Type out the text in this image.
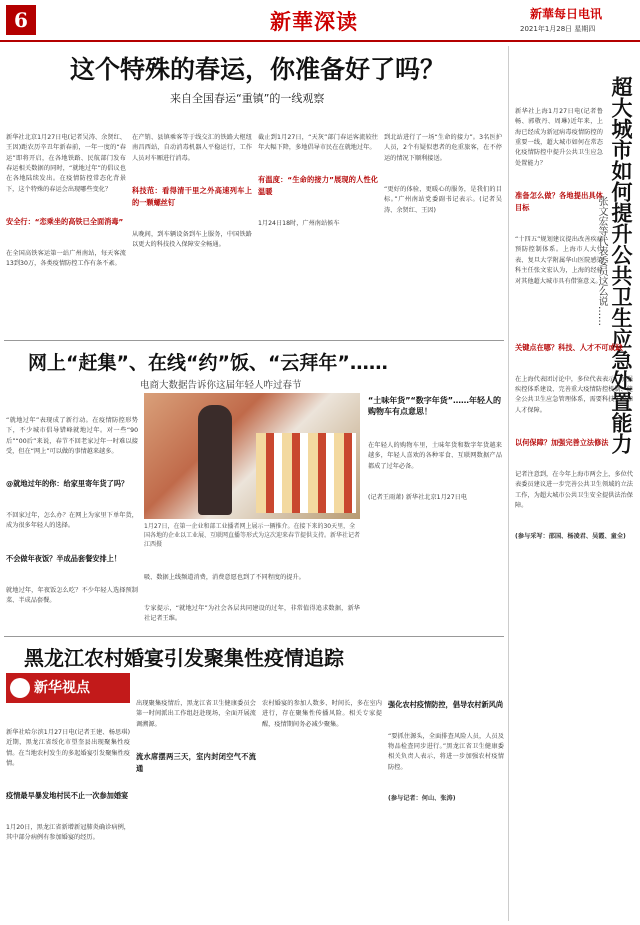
6	新華深读	新華每日电讯
2021年1月28日 星期四
这个特殊的春运，你准备好了吗？
来自全国春运“重镇”的一线观察

新华社北京1月27日电(记者吴涛、余贤红、王因)距农历辛丑年新春前，一年一度的“春运”即将开启，在各地铁路、民航部门发布春运相关数据的同时，“就地过年”的倡议也在各地陆续发出。在疫情防控常态化背景下，这个特殊的春运会出现哪些变化？

安全行：“恋乘坐的高铁已全面消毒”

在全国高铁客运第一站广州南站，每天客流13到30万，各类疫情防控工作有条不紊。

在产销、县镇乘客等于线交汇的铁路大枢纽南昌西站，自动消毒机器人平稳运行，工作人员对车厢进行消毒。

科技范：看得清干里之外高速列车上的一颗螺丝钉

从晚间，到车辆设备到车上服务，中国铁路以更大的科技投入保障安全畅通。

截止到1月27日，“天灰”部门春运客流较往年大幅下降，多地倡导市民在在就地过年。

有温度：“生命的接力”展现的人性化温暖

1月24日18时，广州南站候车

到北站进行了一场“生命的接力”。3名医护人员，2个有疑似患者的危重旅客，在不停运的情况下顺利接送。

“更好的体验，更暖心的服务，是我们的目标。”广州南站党委副书记表示。(记者吴涛、余贤红、王因)

新华社上海1月27日电(记者鲁畅、郭敬丹、周琳)近年来，上海已经成为新冠病毒疫情防控的重要一线，超大城市如何在常态化疫情防控中提升公共卫生应急处置能力？

准备怎么做？各地提出具体目标

“十四五”规划建议提出改善疾病预防控制体系。上海市人大代表、复旦大学附属华山医院感染科主任张文宏认为，上海的经验对其他超大城市具有借鉴意义。

超大城市如何提升公共卫生应急处置能力
张文宏等代表委员这么说……

关键点在哪？科技、人才不可或缺

在上海代表团讨论中，多位代表表示，加强疾控体系建设、完善重大疫情防控机制、健全公共卫生应急管理体系，需要科技支撑和人才保障。

以何保障？加强完善立法修法

记者注意到，在今年上海市两会上，多位代表委员建议进一步完善公共卫生领域的立法工作，为超大城市公共卫生安全提供法治保障。

(参与采写：邵国、杨凌君、吴霞、童全)

网上“赶集”、在线“约”饭、“云拜年”……
电商大数据告诉你这届年轻人咋过春节

“就地过年”表现成了新行动。在疫情防控形势下，不少城市倡导错峰就地过年。对一些“90后”“00后”来说，春节不回老家过年一时难以接受，但在“网上”可以做的事情越来越多。

@就地过年的你：给家里寄年货了吗？

不回家过年，怎么办？在网上为家里下单年货，成为很多年轻人的选择。

不会做年夜饭？半成品套餐安排上！

就地过年，年夜饭怎么吃？不少年轻人选择预制菜、半成品套餐。

1月27日，在第一企业和部工业播者网上展示一辆推介。在接下来的30天里，全国各地的企业以工业展、互联网直播等形式为这次迎来春节提供支持。新华社记者江西摄

吸、数据上线频道消费，消费意愿也到了不同程度的提升。

专家提示，“就地过年”为社会各层共同建设的过年，非常值得追求数据，新华社记者王维。

“土味年货”“数字年货”……年轻人的购物车有点意思！

在年轻人的购物车里，土味年货和数字年货越来越多，年轻人喜欢的各种零食、互联网数据产品都成了过年必备。

(记者王雨萧) 新华社北京1月27日电

黑龙江农村婚宴引发聚集性疫情追踪
新华视点

新华社哈尔滨1月27日电(记者王建、杨思琪)近期，黑龙江省绥化市望奎县出现聚集性疫情。在当地农村发生的多起婚宴引发聚集性疫情。

疫情最早暴发地村民不止一次参加婚宴

1月20日，黑龙江省新增新冠肺炎确诊病例，其中部分病例有参加婚宴的经历。

出现聚集疫情后，黑龙江省卫生健康委员会第一时间派出工作组赶赴现场，全面开展流调溯源。

流水席摆两三天，室内封闭空气不流通

农村婚宴的参加人数多、时间长，多在室内进行，存在聚集性传播风险。相关专家提醒，疫情期间务必减少聚集。

强化农村疫情防控，倡导农村新风尚

“要抓住源头，全面排查风险人员，人员及物品检查同步进行。”黑龙江省卫生健康委相关负责人表示，将进一步加强农村疫情防控。

(参与记者：何山、张涛)
